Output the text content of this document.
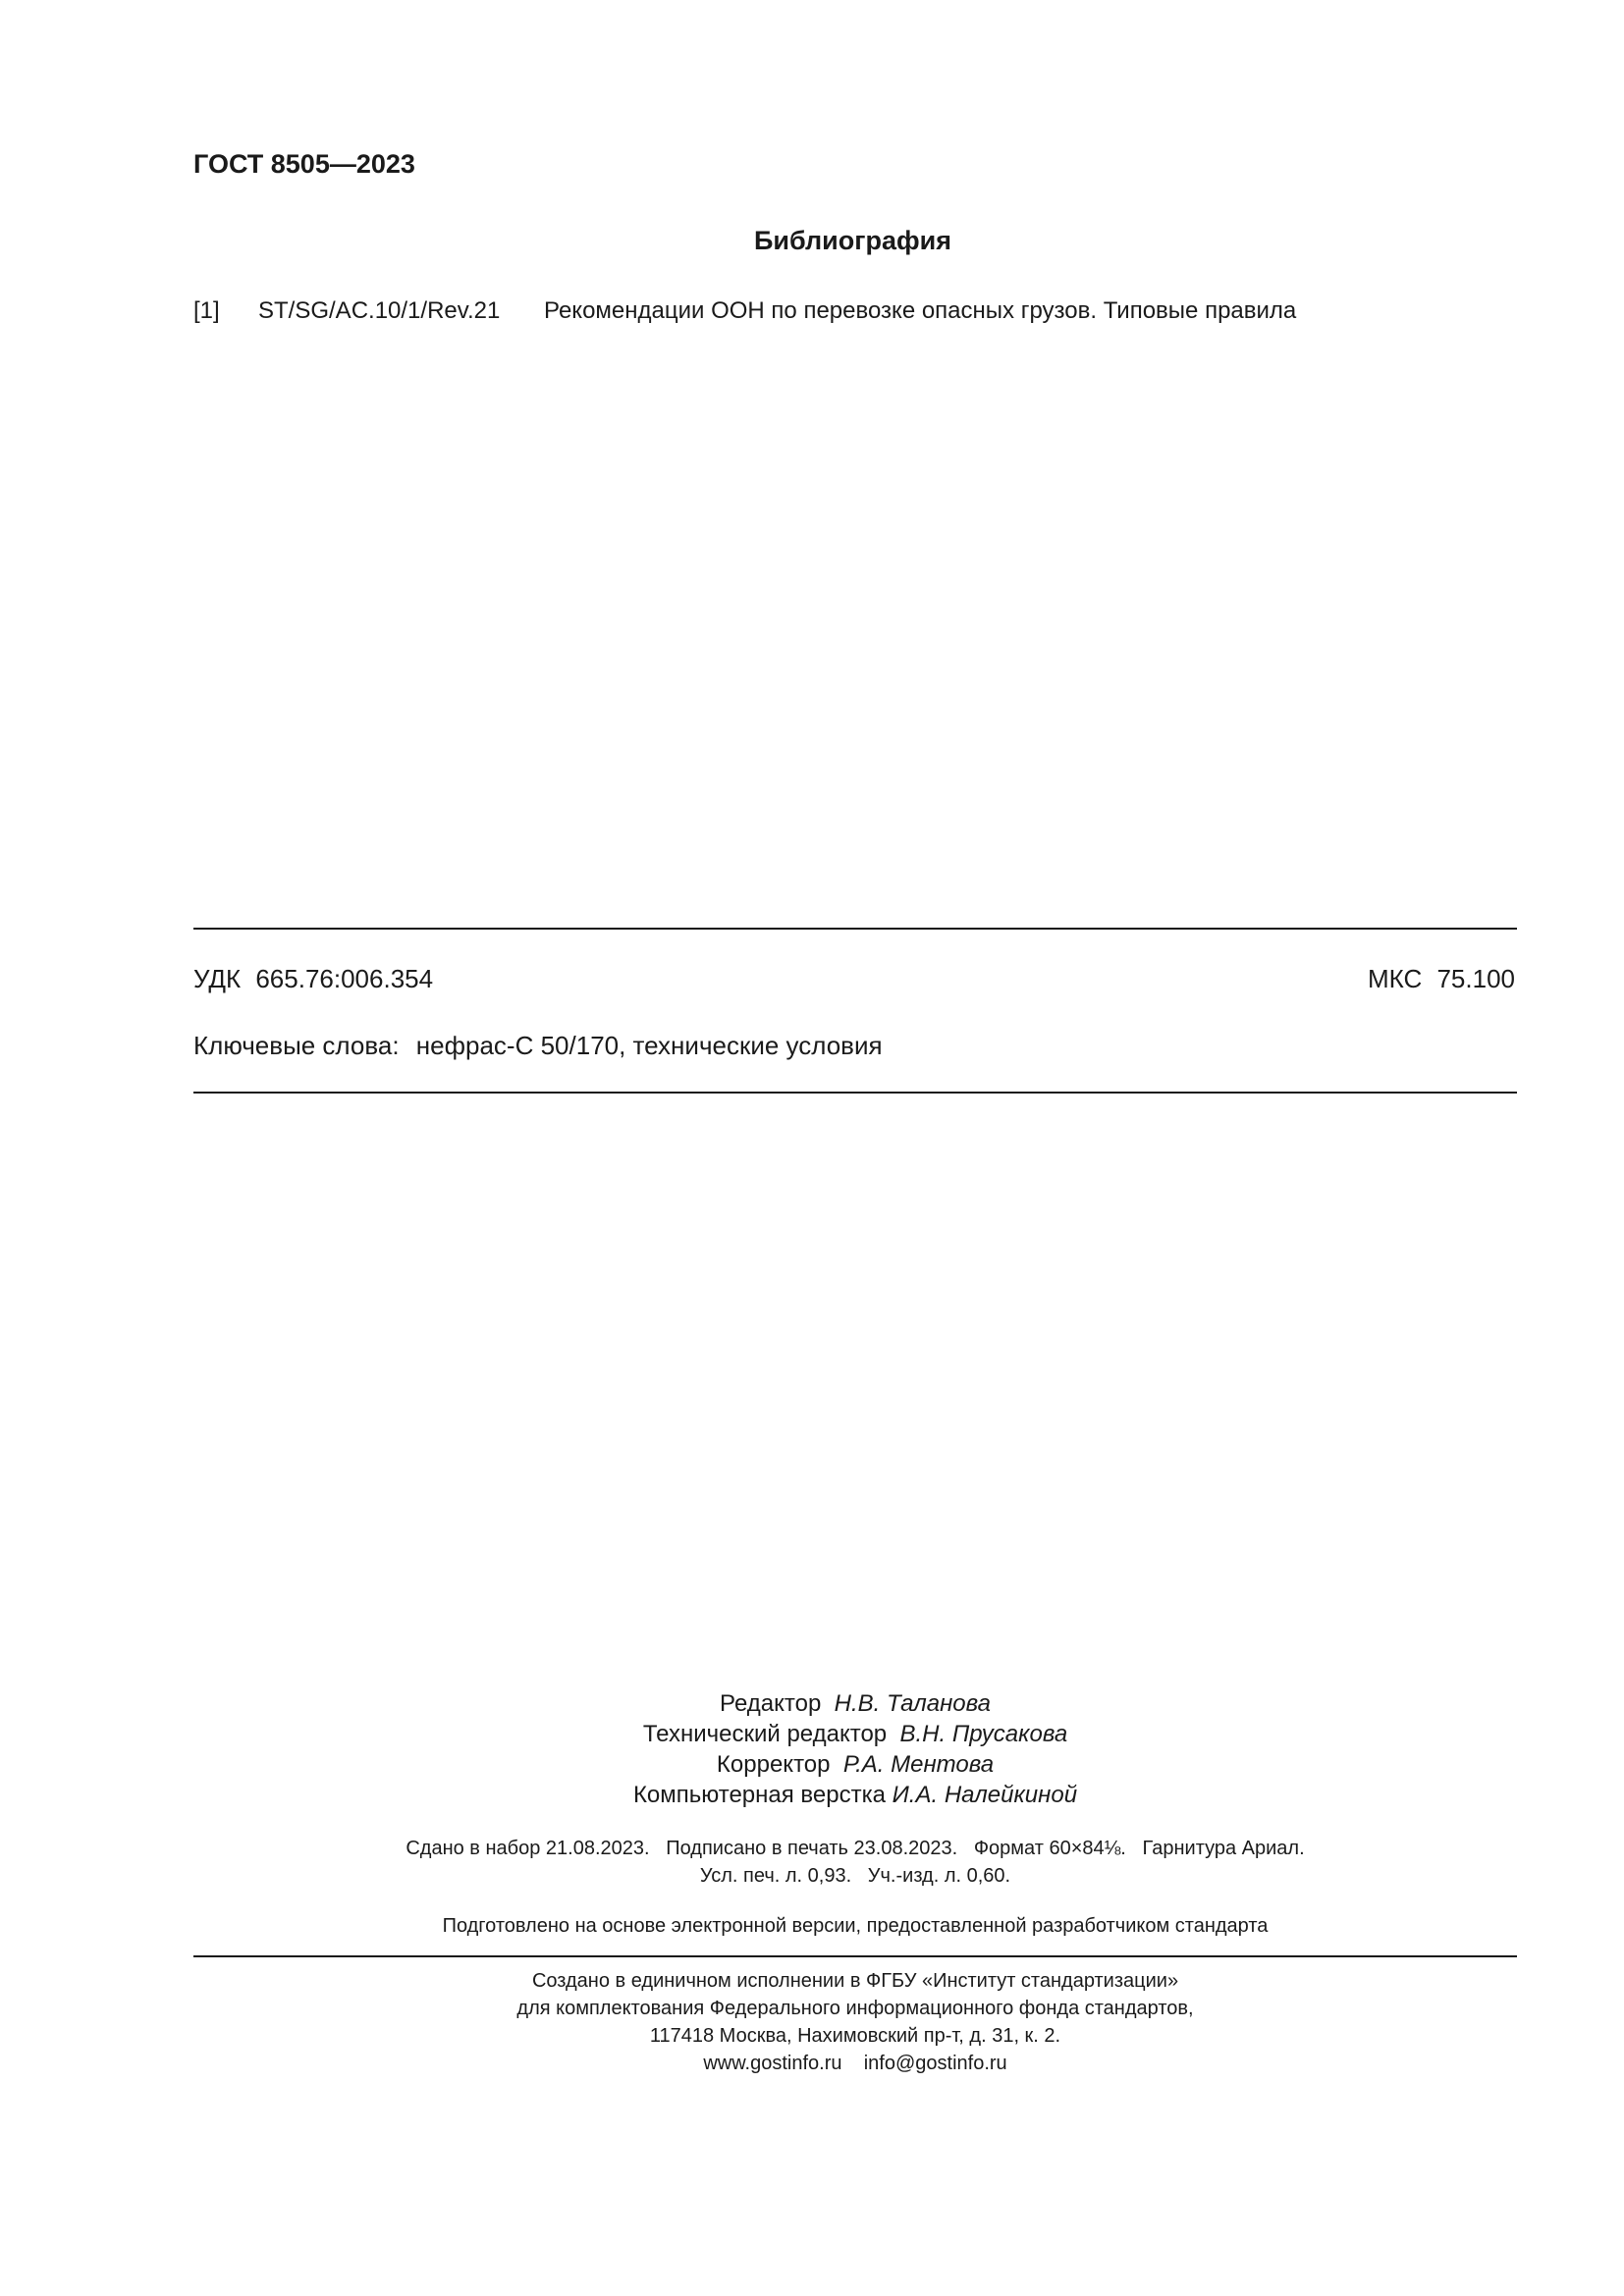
ГОСТ 8505—2023
Библиография
[1] ST/SG/AC.10/1/Rev.21 Рекомендации ООН по перевозке опасных грузов. Типовые правила
УДК 665.76:006.354	МКС 75.100
Ключевые слова: нефрас-С 50/170, технические условия
Редактор Н.В. Таланова
Технический редактор В.Н. Прусакова
Корректор Р.А. Ментова
Компьютерная верстка И.А. Налейкиной
Сдано в набор 21.08.2023.   Подписано в печать 23.08.2023.   Формат 60×84⅛.   Гарнитура Ариал.
Усл. печ. л. 0,93.   Уч.-изд. л. 0,60.
Подготовлено на основе электронной версии, предоставленной разработчиком стандарта
Создано в единичном исполнении в ФГБУ «Институт стандартизации»
для комплектования Федерального информационного фонда стандартов,
117418 Москва, Нахимовский пр-т, д. 31, к. 2.
www.gostinfo.ru    info@gostinfo.ru
